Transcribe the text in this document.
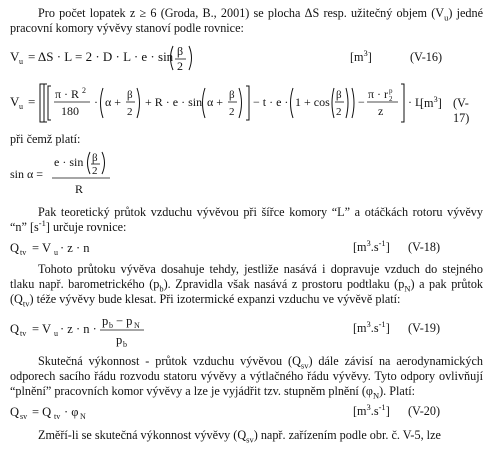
Pro počet lopatek z ≥ 6 (Groda, B., 2001) se plocha ΔS resp. užitečný objem $(V_u)$ jedné pracovní komory vývěvy stanoví podle rovnice:

V u = ΔS · L = 2 · D · L · e · sin β
2
$[m^3]$	(V-16)
V u = π · R 2
180
· α + β
2
+ R · e · sin α + β
2
− t · e · 1 + cos β
2
−
π · r p
2
z
· L
$[m^3]$ (V-17)

při čemž platí:

sin α =
e · sin β
2
R

Pak teoretický průtok vzduchu vývěvou při šířce komory “L” a otáčkách rotoru vývěvy “n” $[s^{-1}]$ určuje rovnice:

Q tv = V u · z · n	$[m^3.s^{-1}]$ (V-18)

Tohoto průtoku vývěva dosahuje tehdy, jestliže nasává i dopravuje vzduch do stejného tlaku např. barometrického $(p_b)$. Zpravidla však nasává z prostoru podtlaku $(p_N)$ a pak průtok $(Q_{tv})$ téže vývěvy bude klesat. Při izotermické expanzi vzduchu ve vývěvě platí:

Q tv = V u · z · n ·
p b − p N
p b
$[m^3.s^{-1}]$ (V-19)

Skutečná výkonnost - průtok vzduchu vývěvou $(Q_{sv})$ dále závisí na aerodynamických odporech sacího řádu rozvodu statoru vývěvy a výtlačného řádu vývěvy. Tyto odpory ovlivňují “plnění” pracovních komor vývěvy a lze je vyjádřit tzv. stupněm plnění $(\varphi_N)$. Platí:

Q sv = Q tv · φ N	$[m^3.s^{-1}]$ (V-20)

Změří-li se skutečná výkonnost vývěvy $(Q_{sv})$ např. zařízením podle obr. č. V-5, lze
